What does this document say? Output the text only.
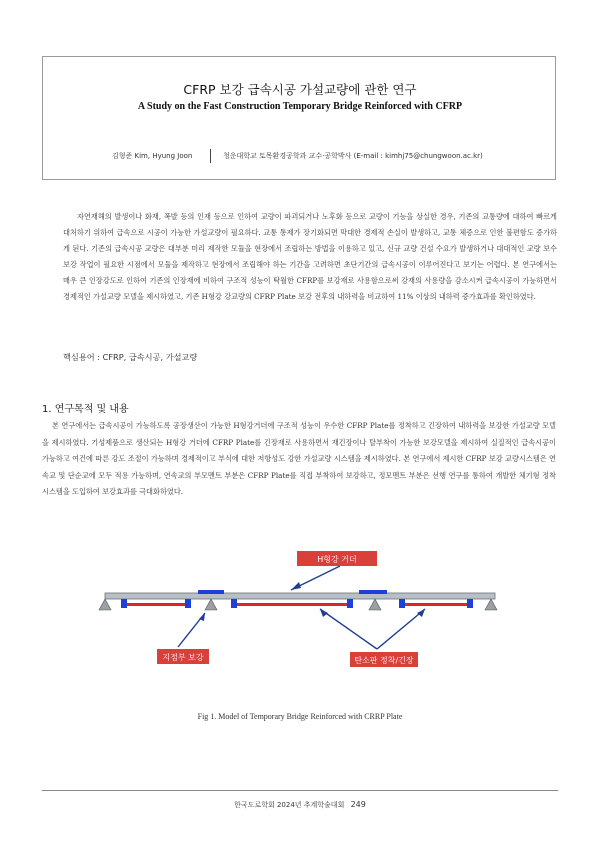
CFRP 보강 급속시공 가설교량에 관한 연구
A Study on the Fast Construction Temporary Bridge Reinforced with CFRP
김형준 Kim, Hyung Joon	청운대학교 토목환경공학과 교수·공학박사 (E-mail : kimhj75@chungwoon.ac.kr)

자연재해의 발생이나 화재, 폭발 등의 인재 등으로 인하여 교량이 파괴되거나 노후화 등으로 교량이 기능을 상실한 경우, 기존의 교통량에 대하여 빠르게 대처하기 위하여 급속으로 시공이 가능한 가설교량이 필요하다. 교통 통제가 장기화되면 막대한 경제적 손실이 발생하고, 교통 체증으로 인한 불편함도 증가하게 된다. 기존의 급속시공 교량은 대부분 미리 제작한 모듈을 현장에서 조립하는 방법을 이용하고 있고, 신규 교량 건설 수요가 발생하거나 대대적인 교량 보수보강 작업이 필요한 시점에서 모듈을 제작하고 현장에서 조립해야 하는 기간을 고려하면 초단기간의 급속시공이 이루어진다고 보기는 어렵다. 본 연구에서는 매우 큰 인장강도로 인하여 기존의 인장재에 비하여 구조적 성능이 탁월한 CFRP를 보강재로 사용함으로써 강재의 사용량을 감소시켜 급속시공이 가능하면서 경제적인 가설교량 모델을 제시하였고, 기존 H형강 강교량의 CFRP Plate 보강 전후의 내하력을 비교하여 11% 이상의 내하력 증가효과를 확인하였다.

핵심용어 : CFRP, 급속시공, 가설교량
1. 연구목적 및 내용

본 연구에서는 급속시공이 가능하도록 공장생산이 가능한 H형강거더에 구조적 성능이 우수한 CFRP Plate를 정착하고 긴장하여 내하력을 보강한 가설교량 모델을 제시하였다. 기성제품으로 생산되는 H형강 거더에 CFRP Plate를 긴장재로 사용하면서 재긴장이나 탈부착이 가능한 보강모델을 제시하여 실질적인 급속시공이 가능하고 여건에 따른 강도 조절이 가능하며 경제적이고 부식에 대한 저항성도 강한 가설교량 시스템을 제시하였다. 본 연구에서 제시한 CFRP 보강 교량시스템은 연속교 및 단순교에 모두 적용 가능하며, 연속교의 부모멘트 부분은 CFRP Plate를 직접 부착하여 보강하고, 정모멘트 부분은 선행 연구를 통하여 개발한 체기형 정착시스템을 도입하여 보강효과를 극대화하였다.

H형강 거더
지점부 보강	탄소판 정착/긴장
Fig 1. Model of Temporary Bridge Reinforced with CRRP Plate
한국도로학회 2024년 추계학술대회 249
